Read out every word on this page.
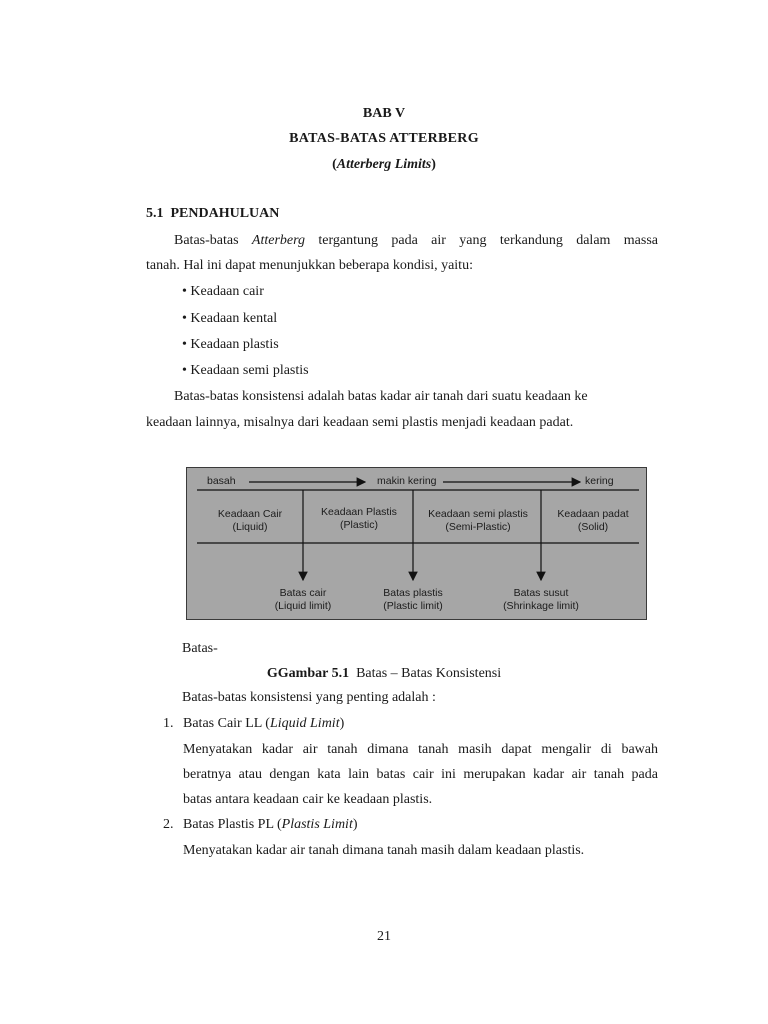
BAB V
BATAS-BATAS ATTERBERG
(Atterberg Limits)
5.1 PENDAHULUAN
Batas-batas Atterberg tergantung pada air yang terkandung dalam massa
tanah. Hal ini dapat menunjukkan beberapa kondisi, yaitu:
• Keadaan cair
• Keadaan kental
• Keadaan plastis
• Keadaan semi plastis
Batas-batas konsistensi adalah batas kadar air tanah dari suatu keadaan ke
keadaan lainnya, misalnya dari keadaan semi plastis menjadi keadaan padat.
basah	makin kering	kering
Keadaan Cair
(Liquid)
Keadaan Plastis
(Plastic)
Keadaan semi plastis
(Semi-Plastic)
Keadaan padat
(Solid)
Batas cair
(Liquid limit)
Batas plastis
(Plastic limit)
Batas susut
(Shrinkage limit)
Batas-
GGambar 5.1 Batas – Batas Konsistensi
Batas-batas konsistensi yang penting adalah :
1. Batas Cair LL (Liquid Limit)
Menyatakan kadar air tanah dimana tanah masih dapat mengalir di bawah
beratnya atau dengan kata lain batas cair ini merupakan kadar air tanah pada
batas antara keadaan cair ke keadaan plastis.
2. Batas Plastis PL (Plastis Limit)
Menyatakan kadar air tanah dimana tanah masih dalam keadaan plastis.
21
